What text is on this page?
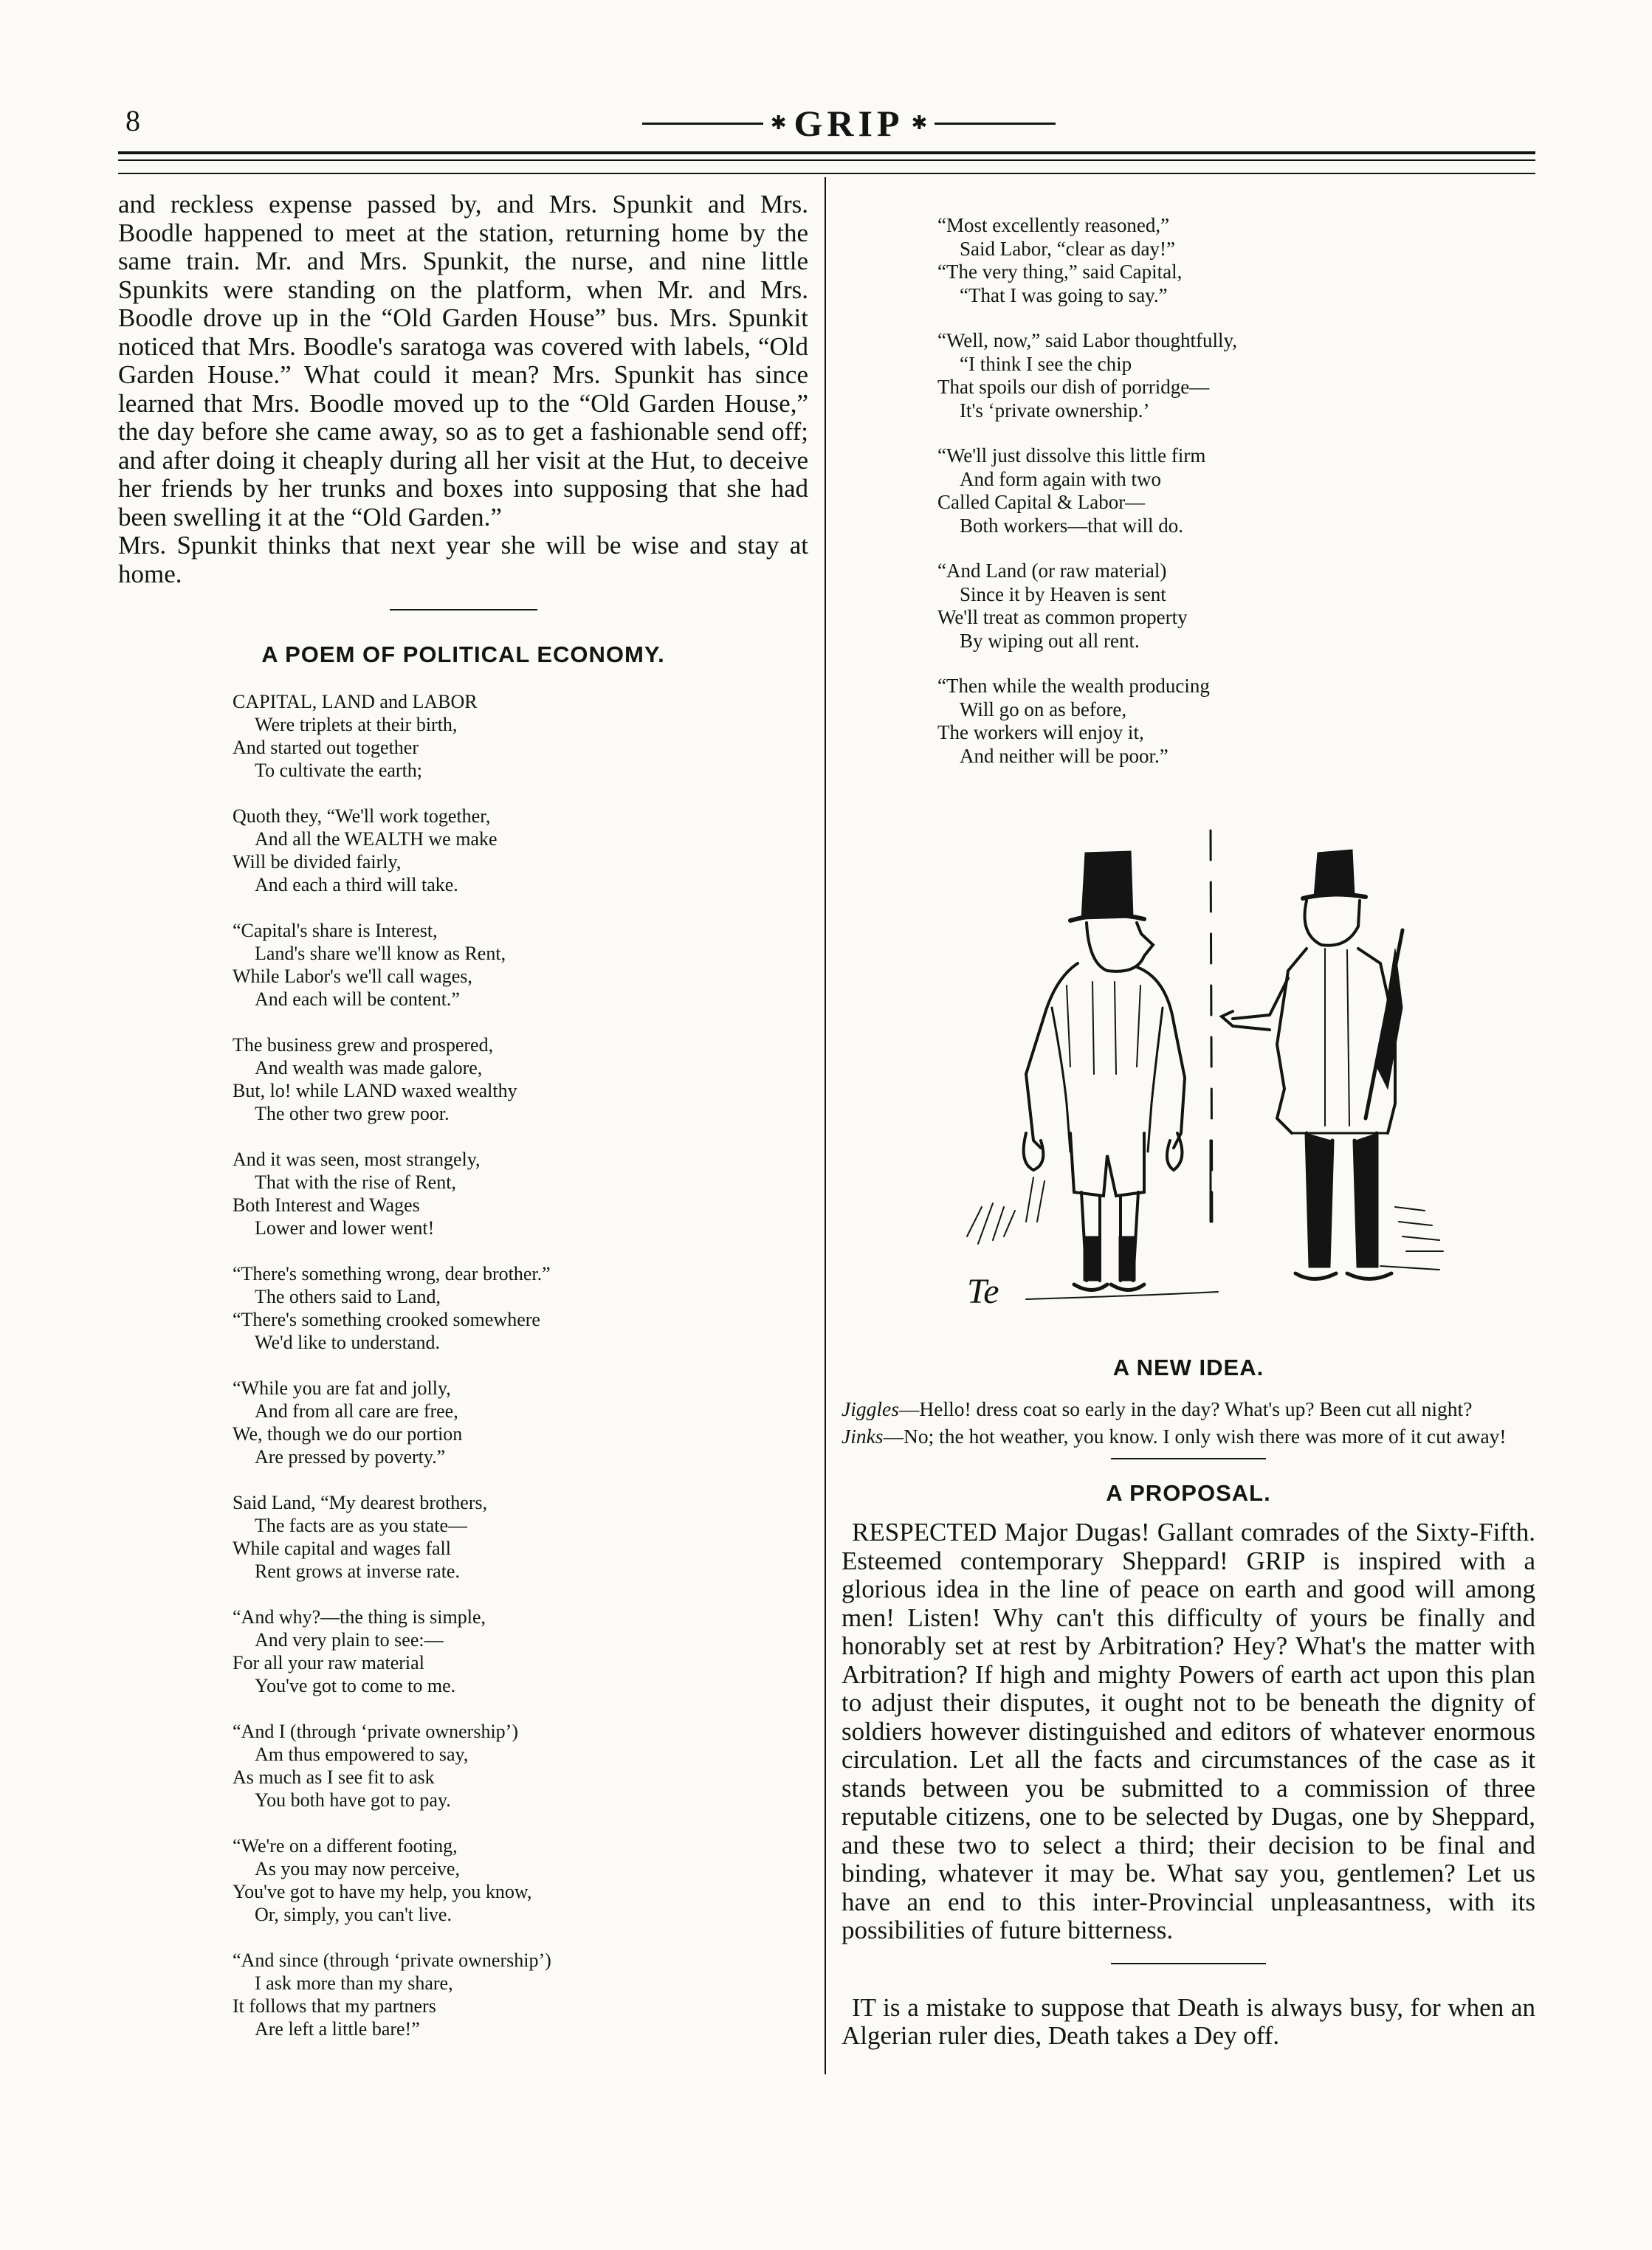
8	✱ GRIP ✱

and reckless expense passed by, and Mrs. Spunkit and Mrs. Boodle happened to meet at the station, returning home by the same train. Mr. and Mrs. Spunkit, the nurse, and nine little Spunkits were standing on the platform, when Mr. and Mrs. Boodle drove up in the “Old Garden House” bus. Mrs. Spunkit noticed that Mrs. Boodle's saratoga was covered with labels, “Old Garden House.” What could it mean? Mrs. Spunkit has since learned that Mrs. Boodle moved up to the “Old Garden House,” the day before she came away, so as to get a fashionable send off; and after doing it cheaply during all her visit at the Hut, to deceive her friends by her trunks and boxes into supposing that she had been swelling it at the “Old Garden.”

Mrs. Spunkit thinks that next year she will be wise and stay at home.

A POEM OF POLITICAL ECONOMY.
CAPITAL, LAND and LABOR
Were triplets at their birth,
And started out together
To cultivate the earth;
Quoth they, “We'll work together,
And all the WEALTH we make
Will be divided fairly,
And each a third will take.
“Capital's share is Interest,
Land's share we'll know as Rent,
While Labor's we'll call wages,
And each will be content.”
The business grew and prospered,
And wealth was made galore,
But, lo! while LAND waxed wealthy
The other two grew poor.
And it was seen, most strangely,
That with the rise of Rent,
Both Interest and Wages
Lower and lower went!
“There's something wrong, dear brother.”
The others said to Land,
“There's something crooked somewhere
We'd like to understand.
“While you are fat and jolly,
And from all care are free,
We, though we do our portion
Are pressed by poverty.”
Said Land, “My dearest brothers,
The facts are as you state—
While capital and wages fall
Rent grows at inverse rate.
“And why?—the thing is simple,
And very plain to see:—
For all your raw material
You've got to come to me.
“And I (through ‘private ownership’)
Am thus empowered to say,
As much as I see fit to ask
You both have got to pay.
“We're on a different footing,
As you may now perceive,
You've got to have my help, you know,
Or, simply, you can't live.
“And since (through ‘private ownership’)
I ask more than my share,
It follows that my partners
Are left a little bare!”
“Most excellently reasoned,”
Said Labor, “clear as day!”
“The very thing,” said Capital,
“That I was going to say.”
“Well, now,” said Labor thoughtfully,
“I think I see the chip
That spoils our dish of porridge—
It's ‘private ownership.’
“We'll just dissolve this little firm
And form again with two
Called Capital & Labor—
Both workers—that will do.
“And Land (or raw material)
Since it by Heaven is sent
We'll treat as common property
By wiping out all rent.
“Then while the wealth producing
Will go on as before,
The workers will enjoy it,
And neither will be poor.”
Te
A NEW IDEA.

Jiggles—Hello! dress coat so early in the day? What's up? Been cut all night?

Jinks—No; the hot weather, you know. I only wish there was more of it cut away!

A PROPOSAL.

RESPECTED Major Dugas! Gallant comrades of the Sixty-Fifth. Esteemed contemporary Sheppard! GRIP is inspired with a glorious idea in the line of peace on earth and good will among men! Listen! Why can't this difficulty of yours be finally and honorably set at rest by Arbitration? Hey? What's the matter with Arbitration? If high and mighty Powers of earth act upon this plan to adjust their disputes, it ought not to be beneath the dignity of soldiers however distinguished and editors of whatever enormous circulation. Let all the facts and circumstances of the case as it stands between you be submitted to a commission of three reputable citizens, one to be selected by Dugas, one by Sheppard, and these two to select a third; their decision to be final and binding, whatever it may be. What say you, gentlemen? Let us have an end to this inter-Provincial unpleasantness, with its possibilities of future bitterness.

IT is a mistake to suppose that Death is always busy, for when an Algerian ruler dies, Death takes a Dey off.
